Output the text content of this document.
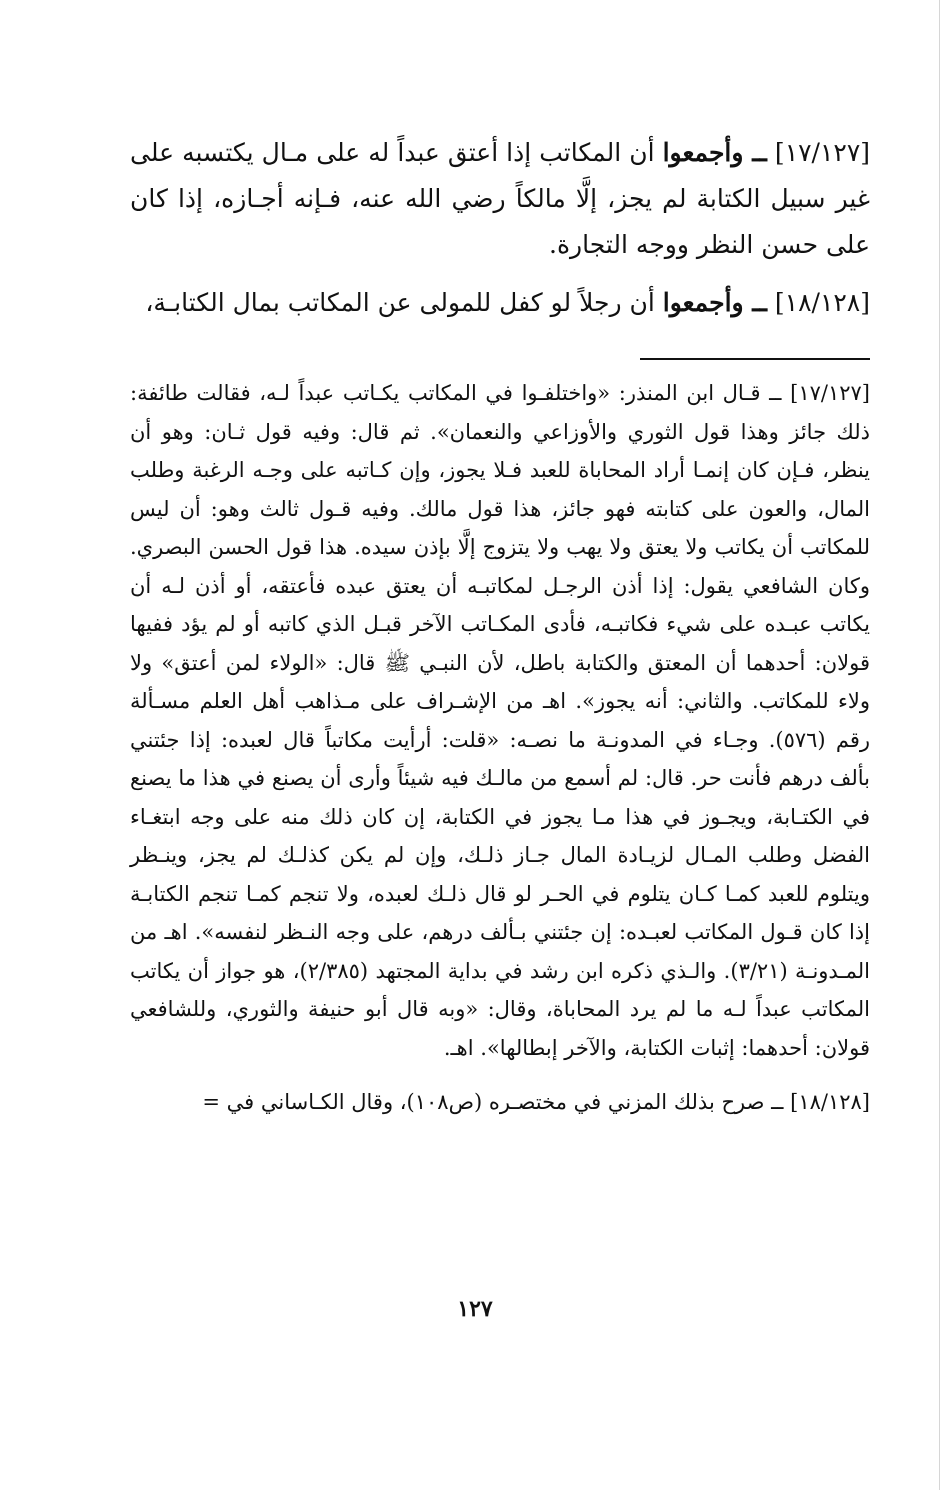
[١٧/١٢٧] ــ وأجمعوا أن المكاتب إذا أعتق عبداً له على مـال يكتسبه على غير سبيل الكتابة لم يجز، إلَّا مالكاً رضي الله عنه، فـإنه أجـازه، إذا كان على حسن النظر ووجه التجارة.

[١٨/١٢٨] ــ وأجمعوا أن رجلاً لو كفل للمولى عن المكاتب بمال الكتابـة،

[١٧/١٢٧] ــ قـال ابن المنذر: «واختلفـوا في المكاتب يكـاتب عبداً لـه، فقالت طائفة: ذلك جائز وهذا قول الثوري والأوزاعي والنعمان». ثم قال: وفيه قول ثـان: وهو أن ينظر، فـإن كان إنمـا أراد المحاباة للعبد فـلا يجوز، وإن كـاتبه على وجـه الرغبة وطلب المال، والعون على كتابته فهو جائز، هذا قول مالك. وفيه قـول ثالث وهو: أن ليس للمكاتب أن يكاتب ولا يعتق ولا يهب ولا يتزوج إلَّا بإذن سيده. هذا قول الحسن البصري. وكان الشافعي يقول: إذا أذن الرجـل لمكاتبـه أن يعتق عبده فأعتقه، أو أذن لـه أن يكاتب عبـده على شيء فكاتبـه، فأدى المكـاتب الآخر قبـل الذي كاتبه أو لم يؤد ففيها قولان: أحدهما أن المعتق والكتابة باطل، لأن النبـي ﷺ قال: «الولاء لمن أعتق» ولا ولاء للمكاتب. والثاني: أنه يجوز». اهـ من الإشـراف على مـذاهب أهل العلم مسـألة رقم (٥٧٦). وجـاء في المدونـة ما نصـه: «قلت: أرأيت مكاتباً قال لعبده: إذا جئتني بألف درهم فأنت حر. قال: لم أسمع من مالـك فيه شيئاً وأرى أن يصنع في هذا ما يصنع في الكتـابة، ويجـوز في هذا مـا يجوز في الكتابة، إن كان ذلك منه على وجه ابتغـاء الفضل وطلب المـال لزيـادة المال جـاز ذلـك، وإن لم يكن كذلـك لم يجز، وينـظر ويتلوم للعبد كمـا كـان يتلوم في الحـر لو قال ذلـك لعبده، ولا تنجم كمـا تنجم الكتابـة إذا كان قـول المكاتب لعبـده: إن جئتني بـألف درهم، على وجه النـظر لنفسه». اهـ من المـدونـة (٣/٢١). والـذي ذكره ابن رشد في بداية المجتهد (٢/٣٨٥)، هو جواز أن يكاتب المكاتب عبداً لـه ما لم يرد المحاباة، وقال: «وبه قال أبو حنيفة والثوري، وللشافعي قولان: أحدهما: إثبات الكتابة، والآخر إبطالها». اهـ.

[١٨/١٢٨] ــ صرح بذلك المزني في مختصـره (ص١٠٨)، وقال الكـاساني في =

١٢٧
